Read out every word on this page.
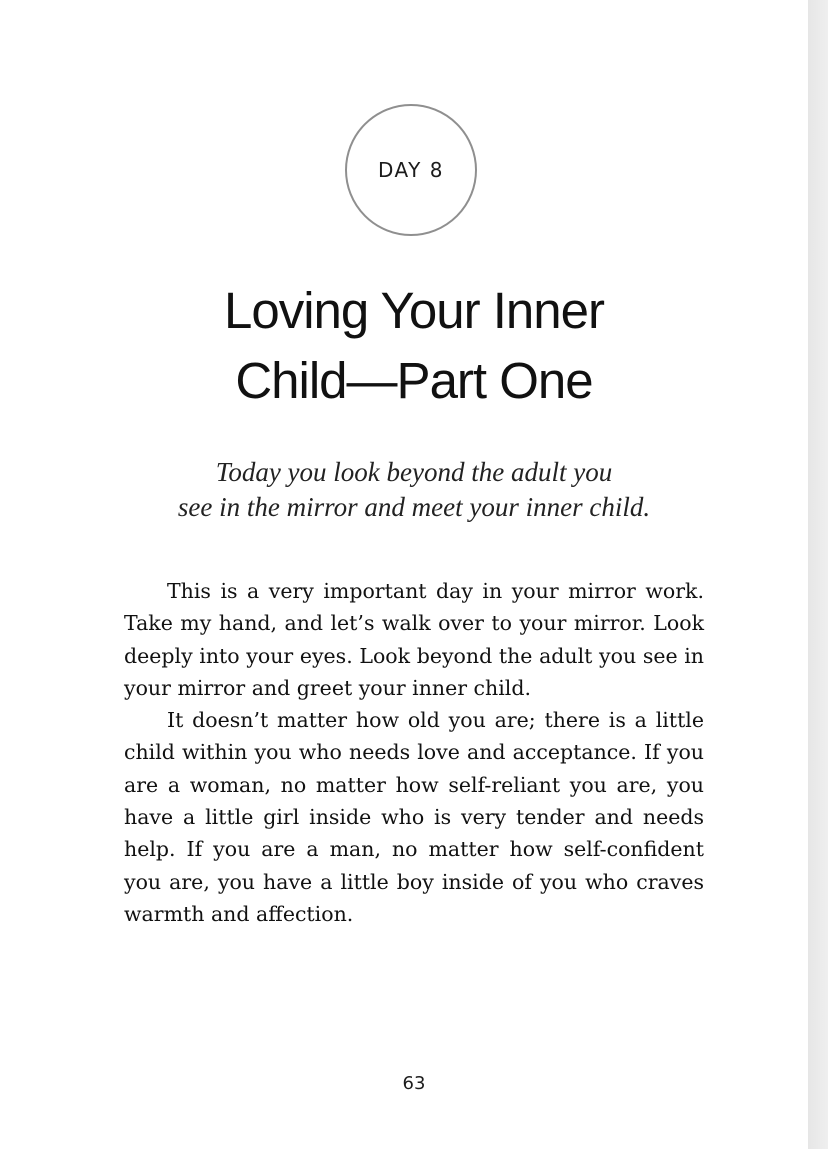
DAY 8
Loving Your Inner
Child—Part One
Today you look beyond the adult you
see in the mirror and meet your inner child.

This is a very important day in your mirror work. Take my hand, and let’s walk over to your mirror. Look deeply into your eyes. Look beyond the adult you see in your mirror and greet your inner child.

It doesn’t matter how old you are; there is a little child within you who needs love and acceptance. If you are a woman, no matter how self-reliant you are, you have a little girl inside who is very tender and needs help. If you are a man, no matter how self-confident you are, you have a little boy inside of you who craves warmth and affection.

63
